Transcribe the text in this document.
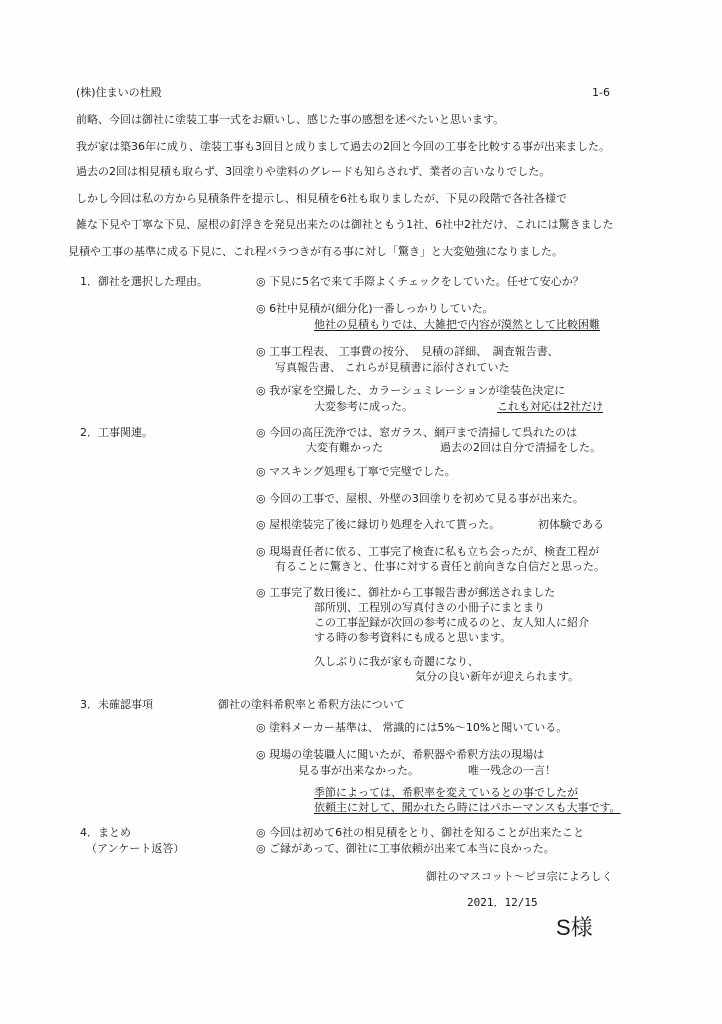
(株)住まいの杜殿	1-6
前略、今回は御社に塗装工事一式をお願いし、感じた事の感想を述べたいと思います。
我が家は築36年に成り、塗装工事も3回目と成りまして過去の2回と今回の工事を比較する事が出来ました。
過去の2回は相見積も取らず、3回塗りや塗料のグレードも知らされず、業者の言いなりでした。
しかし今回は私の方から見積条件を提示し、相見積を6社も取りましたが、下見の段階で各社各様で
雑な下見や丁寧な下見、屋根の釘浮きを発見出来たのは御社ともう1社、6社中2社だけ、これには驚きました
見積や工事の基準に成る下見に、これ程バラつきが有る事に対し「驚き」と大変勉強になりました。
1．御社を選択した理由。	◎ 下見に5名で来て手際よくチェックをしていた。任せて安心か？
◎ 6社中見積が(細分化)一番しっかりしていた。
他社の見積もりでは、大雑把で内容が漠然として比較困難
◎ 工事工程表、 工事費の按分、　見積の詳細、　調査報告書、
写真報告書、 これらが見積書に添付されていた
◎ 我が家を空撮した、カラーシュミレーションが塗装色決定に
大変参考に成った。	これも対応は2社だけ
2．工事関連。	◎ 今回の高圧洗浄では、窓ガラス、網戸まで清掃して呉れたのは
大変有難かった	過去の2回は自分で清掃をした。
◎ マスキング処理も丁寧で完璧でした。
◎ 今回の工事で、屋根、外壁の3回塗りを初めて見る事が出来た。
◎ 屋根塗装完了後に縁切り処理を入れて貰った。	初体験である
◎ 現場責任者に依る、工事完了検査に私も立ち会ったが、検査工程が
有ることに驚きと、仕事に対する責任と前向きな自信だと思った。
◎ 工事完了数日後に、御社から工事報告書が郵送されました
部所別、工程別の写真付きの小冊子にまとまり
この工事記録が次回の参考に成るのと、友人知人に紹介
する時の参考資料にも成ると思います。
久しぶりに我が家も奇麗になり、
気分の良い新年が迎えられます。
3．未確認事項	御社の塗料希釈率と希釈方法について
◎ 塗料メーカー基準は、 常識的には5%～10%と聞いている。
◎ 現場の塗装職人に聞いたが、希釈器や希釈方法の現場は
見る事が出来なかった。	唯一残念の一言！
季節によっては、希釈率を変えているとの事でしたが
依頼主に対して、聞かれたら時にはパホーマンスも大事です。
4．まとめ
（アンケート返答）
◎ 今回は初めて6社の相見積をとり、御社を知ることが出来たこと
◎ ご縁があって、御社に工事依頼が出来て本当に良かった。
御社のマスコット～ピヨ宗によろしく
2021．12/15
S様
